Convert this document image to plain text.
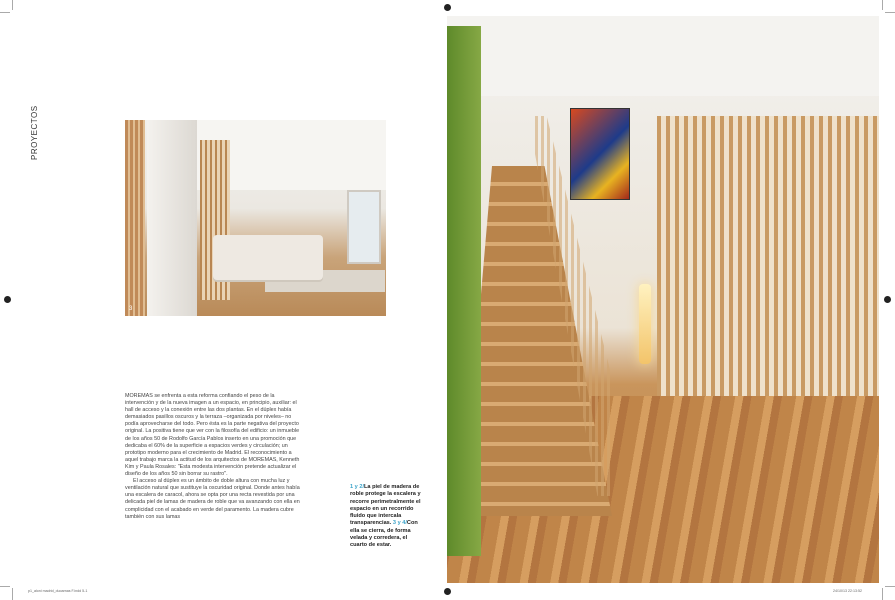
PROYECTOS
3

MOREMAS se enfrenta a esta reforma confiando el peso de la intervención y de la nueva imagen a un espacio, en principio, auxiliar: el hall de acceso y la conexión entre las dos plantas. En el dúplex había demasiados pasillos oscuros y la terraza –organizada por niveles– no podía aprovecharse del todo. Pero ésta es la parte negativa del proyecto original. La positiva tiene que ver con la filosofía del edificio: un inmueble de los años 50 de Rodolfo García Pablos inserto en una promoción que dedicaba el 60% de la superficie a espacios verdes y circulación; un prototipo moderno para el crecimiento de Madrid. El reconocimiento a aquel trabajo marca la actitud de los arquitectos de MOREMAS, Kenneth Kim y Paula Rosales: "Esta modesta intervención pretende actualizar el diseño de los años 50 sin borrar su rastro".

El acceso al dúplex es un ámbito de doble altura con mucha luz y ventilación natural que sustituye la oscuridad original. Donde antes había una escalera de caracol, ahora se opta por una recta revestida por una delicada piel de lamas de madera de roble que va avanzando con ella en complicidad con el acabado en verde del paramento. La madera cubre también con sus lamas

1 y 2/La piel de madera de roble protege la escalera y recorre perimetralmente el espacio en un recorrido fluido que intercala transparencias. 3 y 4/Con ella se cierra, de forma velada y corredera, el cuarto de estar.
p1_aloni madrid_duoarnas F.indd 5-1	24/10/13 22:13:52
